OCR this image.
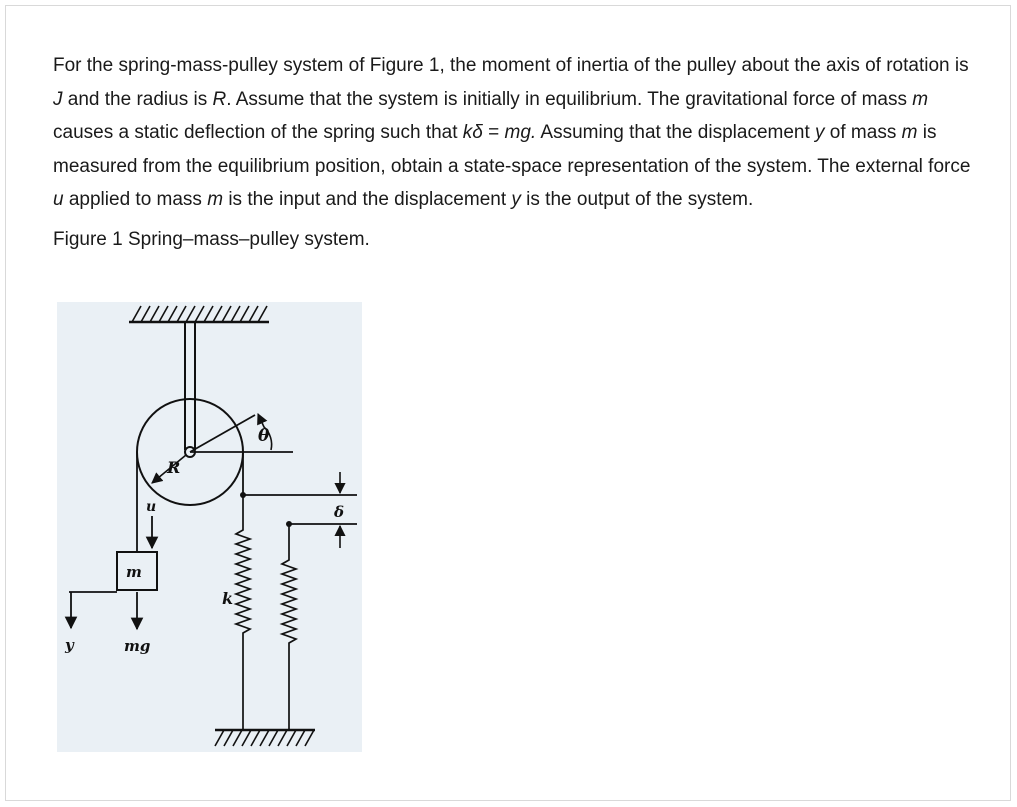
For the spring-mass-pulley system of Figure 1, the moment of inertia of the pulley about the axis of rotation is J and the radius is R. Assume that the system is initially in equilibrium. The gravitational force of mass m causes a static deflection of the spring such that kδ = mg. Assuming that the displacement y of mass m is measured from the equilibrium position, obtain a state-space representation of the system. The external force u applied to mass m is the input and the displacement y is the output of the system.

Figure 1 Spring–mass–pulley system.

θ
R
u
m
mg
y
k
δ
